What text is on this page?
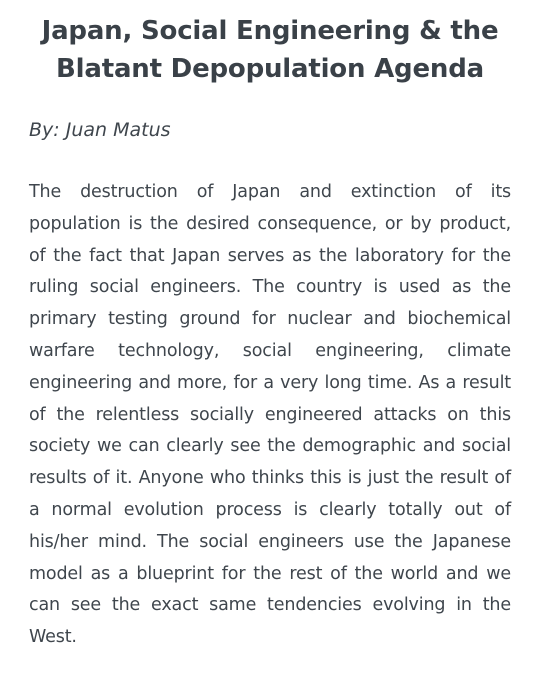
Japan, Social Engineering & the Blatant Depopulation Agenda

By: Juan Matus

The destruction of Japan and extinction of its population is the desired consequence, or by product, of the fact that Japan serves as the laboratory for the ruling social engineers. The country is used as the primary testing ground for nuclear and biochemical warfare technology, social engineering, climate engineering and more, for a very long time. As a result of the relentless socially engineered attacks on this society we can clearly see the demographic and social results of it. Anyone who thinks this is just the result of a normal evolution process is clearly totally out of his/her mind. The social engineers use the Japanese model as a blueprint for the rest of the world and we can see the exact same tendencies evolving in the West.
